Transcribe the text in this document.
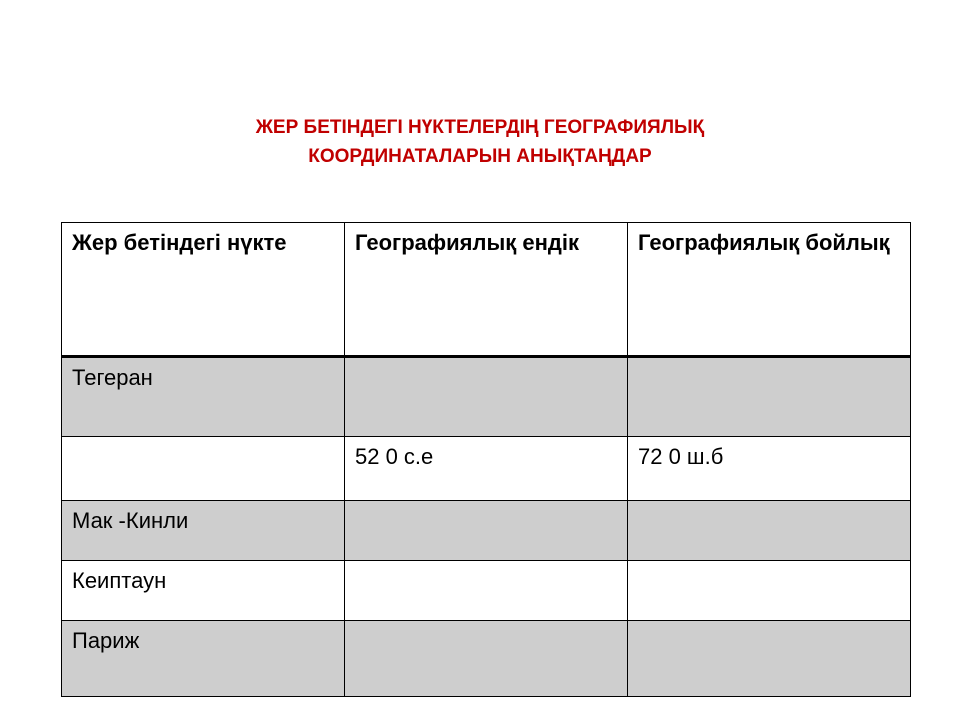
ЖЕР БЕТІНДЕГІ НҮКТЕЛЕРДІҢ ГЕОГРАФИЯЛЫҚ
КООРДИНАТАЛАРЫН АНЫҚТАҢДАР
Жер бетіндегі нүкте	Географиялық ендік	Географиялық бойлық
Тегеран		
	52 0 с.е	72 0 ш.б
Мак -Кинли		
Кеиптаун		
Париж		
